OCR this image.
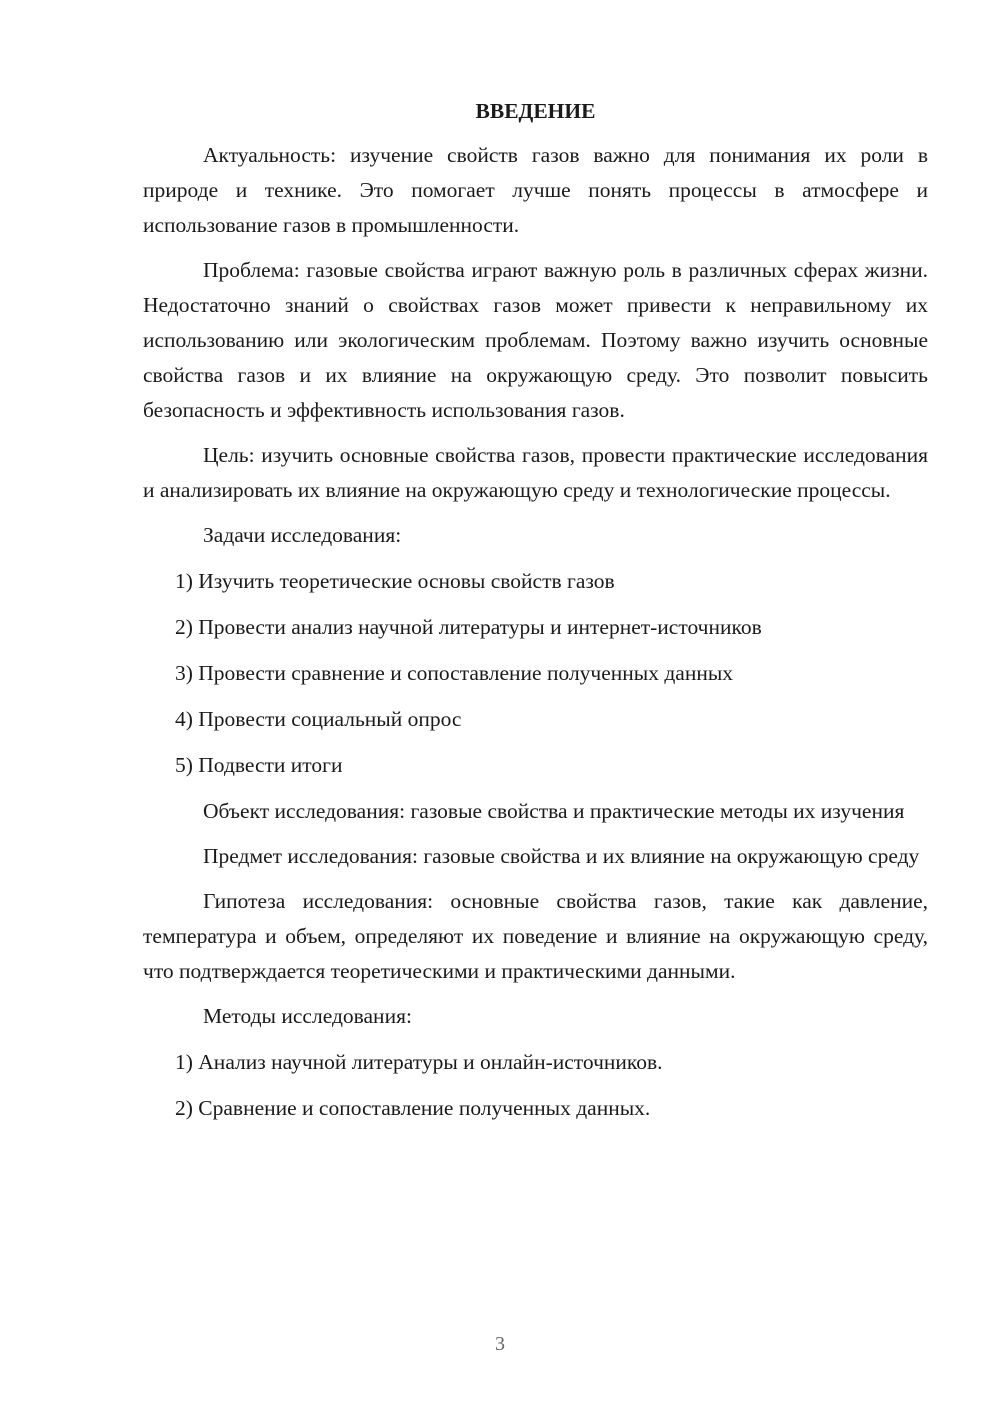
ВВЕДЕНИЕ

Актуальность: изучение свойств газов важно для понимания их роли в природе и технике. Это помогает лучше понять процессы в атмосфере и использование газов в промышленности.

Проблема: газовые свойства играют важную роль в различных сферах жизни. Недостаточно знаний о свойствах газов может привести к неправильному их использованию или экологическим проблемам. Поэтому важно изучить основные свойства газов и их влияние на окружающую среду. Это позволит повысить безопасность и эффективность использования газов.

Цель: изучить основные свойства газов, провести практические исследования и анализировать их влияние на окружающую среду и технологические процессы.

Задачи исследования:
1) Изучить теоретические основы свойств газов
2) Провести анализ научной литературы и интернет-источников
3) Провести сравнение и сопоставление полученных данных
4) Провести социальный опрос
5) Подвести итоги

Объект исследования: газовые свойства и практические методы их изучения

Предмет исследования: газовые свойства и их влияние на окружающую среду

Гипотеза исследования: основные свойства газов, такие как давление, температура и объем, определяют их поведение и влияние на окружающую среду, что подтверждается теоретическими и практическими данными.

Методы исследования:
1) Анализ научной литературы и онлайн-источников.
2) Сравнение и сопоставление полученных данных.
3
